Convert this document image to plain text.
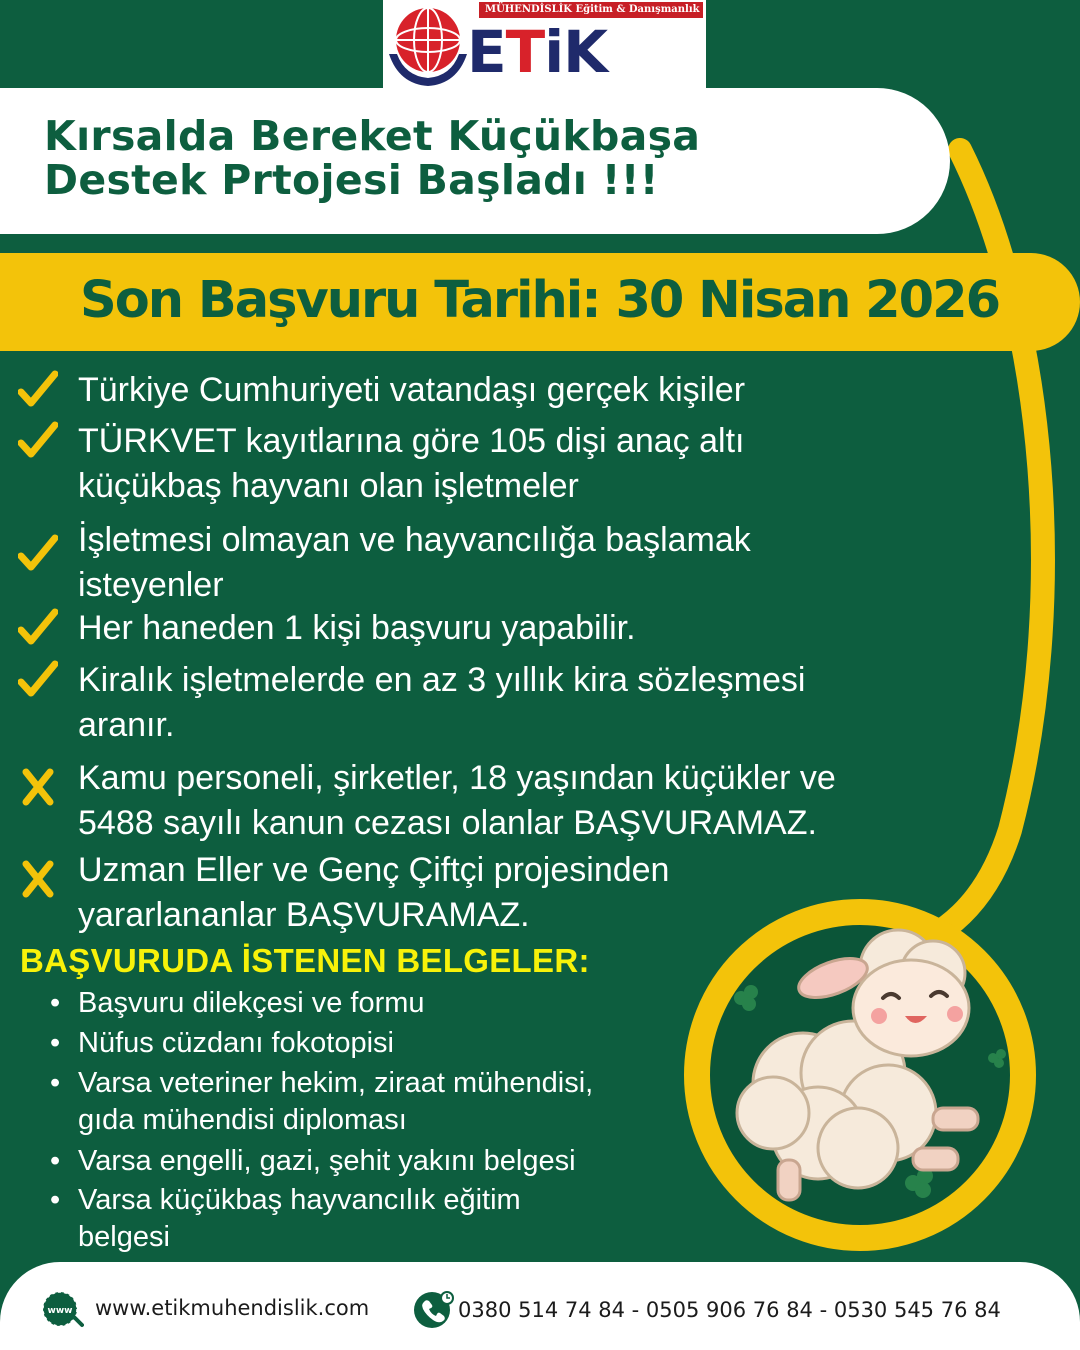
MÜHENDİSLİK Eğitim & Danışmanlık
ETiK
Kırsalda Bereket Küçükbaşa
Destek Prtojesi Başladı !!!
Son Başvuru Tarihi: 30 Nisan 2026
Türkiye Cumhuriyeti vatandaşı gerçek kişiler
TÜRKVET kayıtlarına göre 105 dişi anaç altı
küçükbaş hayvanı olan işletmeler
İşletmesi olmayan ve hayvancılığa başlamak
isteyenler
Her haneden 1 kişi başvuru yapabilir.
Kiralık işletmelerde en az 3 yıllık kira sözleşmesi
aranır.
Kamu personeli, şirketler, 18 yaşından küçükler ve
5488 sayılı kanun cezası olanlar BAŞVURAMAZ.
Uzman Eller ve Genç Çiftçi projesinden
yararlananlar BAŞVURAMAZ.
BAŞVURUDA İSTENEN BELGELER:
• Başvuru dilekçesi ve formu
• Nüfus cüzdanı fokotopisi
• Varsa veteriner hekim, ziraat mühendisi,
gıda mühendisi diploması
• Varsa engelli, gazi, şehit yakını belgesi
• Varsa küçükbaş hayvancılık eğitim
belgesi
www www.etikmuhendislik.com	0380 514 74 84 - 0505 906 76 84 - 0530 545 76 84
